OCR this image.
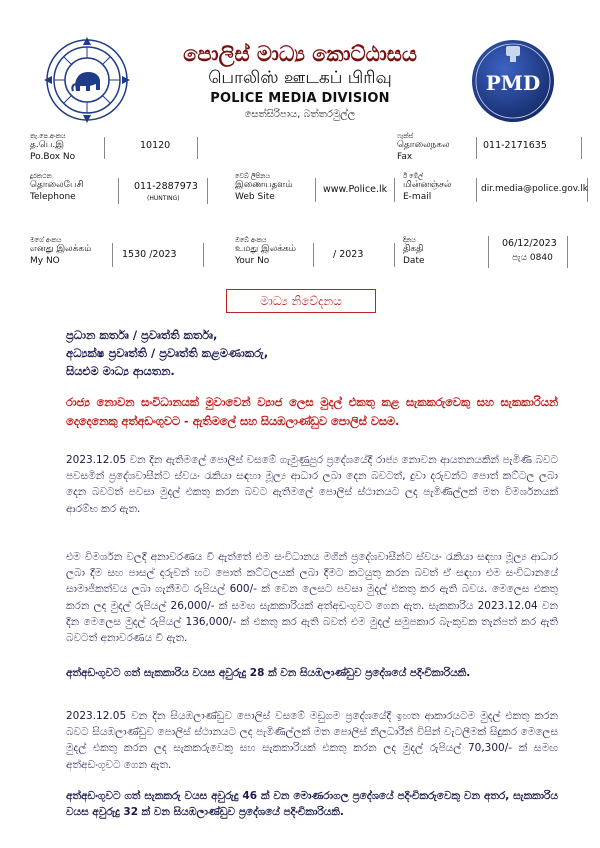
පොලිස් මාධ්‍ය කොට්ඨාසය
பொலிஸ் ஊடகப் பிரிவு
POLICE MEDIA DIVISION
සෙත්සිරිපාය, බත්තරමුල්ල
PMD
තැ.පෙ.අංකය
த.பெ.இ
Po.Box No
10120
ෆැක්ස්
தொலைநகல
Fax
011-2171635
දුරකථන
தொலைபேசி
Telephone
011-2887973
(HUNTING)
වෙබ් ලිපිනය
இணையதளம்
Web Site
www.Police.lk
ඊ මේල්
மின்னஞ்சல்
E-mail
dir.media@police.gov.lk
මගේ අංකය
எனது இலக்கம்
My NO
1530 /2023
ඔබේ අංකය
உமது இலக்கம்
Your No
/ 2023
දිනය
திகதி
Date
06/12/2023
පැය 0840
මාධ්‍ය නිවේදනය
ප්‍රධාන කර්තෘ / ප්‍රවෘත්ති කර්තෘ,
අධ්‍යක්ෂ ප්‍රවෘත්ති / ප්‍රවෘත්ති කළමණාකරු,
සියළුම මාධ්‍ය ආයතන.
රාජ්‍ය නොවන සංවිධානයක් මුවාවෙන් ව්‍යාජ ලෙස මුදල් එකතු කළ සැකකරුවෙකු සහ සැකකාරියන් දෙදෙනෙකු අත්අඩංගුවට - ඇතිමලේ සහ සියඹලාණ්ඩුව පොලිස් වසම.
2023.12.05 වන දින ඇතිමලේ පොලිස් වසමේ ගැමුණුපුර ප්‍රදේශයේදී රාජ්‍ය නොවන ආයතනයකින් පැමිණි බවට පවසමින් ප්‍රදේශවාසීන්ට ස්වයං රැකියා සඳහා මූල්‍ය ආධාර ලබා දෙන බවටත්, දුවා දරුවන්ට පොත් කට්ටල ලබා දෙන බවටත් පවසා මුදල් එකතු කරන බවට ඇතිමලේ පොලිස් ස්ථානයට ලද පැමිණිල්ලක් මත විමර්ශනයක් ආරම්භ කර ඇත.
එම විමර්ශන වලදී අනාවරණය වී ඇත්තේ එම සංවිධානය මගින් ප්‍රදේශවාසීන්ට ස්වයං රැකියා සඳහා මූල්‍ය ආධාර ලබා දීම සහ පාසල් දරුවන් හට පොත් කට්ටලයක් ලබා දීමට කටයුතු කරන බවත් ඒ සඳහා එම සංවිධානයේ සාමාජිකත්වය ලබා ගැනීමට රුපියල් 600/- ක් වෙන ලෙසට පවසා මුදල් එකතු කර ඇති බවය. මෙලෙස එකතු කරන ලද මුදල් රුපියල් 26,000/- ක් සමඟ සැකකාරියක් අත්අඩංගුවට ගෙන ඇත. සැකකාරිය 2023.12.04 වන දින මෙලෙස මුදල් රුපියල් 136,000/- ක් එකතු කර ඇති බවත් එම මුදල් සමුපකාර බැංකුවක තැන්පත් කර ඇති බවටත් අනාවරණය වී ඇත.
අත්අඩංගුවට ගත් සැකකාරිය වයස අවුරුදු 28 ක් වන සියඹලාණ්ඩුව ප්‍රදේශයේ පදිංචිකාරියකි.
2023.12.05 වන දින සියඹලාණ්ඩුව පොලිස් වසමේ මඩුගම ප්‍රදේශයේදී ඉහත ආකාරයටම මුදල් එකතු කරන බවට සියඹලාණ්ඩුව පොලිස් ස්ථානයට ලද පැමිණිල්ලක් මත පොලිස් නිලධාරීන් විසින් වැටලීමක් සිදුකර මෙලෙස මුදල් එකතු කරන ලද සැකකරුවෙකු සහ සැකකාරියක් එකතු කරන ලද මුදල් රුපියල් 70,300/- ක් සමඟ අත්අඩංගුවට ගෙන ඇත.
අත්අඩංගුවට ගත් සැකකරු වයස අවුරුදු 46 ක් වන මොණරාගල ප්‍රදේශයේ පදිංචිකරුවෙකු වන අතර, සැකකාරිය වයස අවුරුදු 32 ක් වන සියඹලාණ්ඩුව ප්‍රදේශයේ පදිංචිකාරියකි.
